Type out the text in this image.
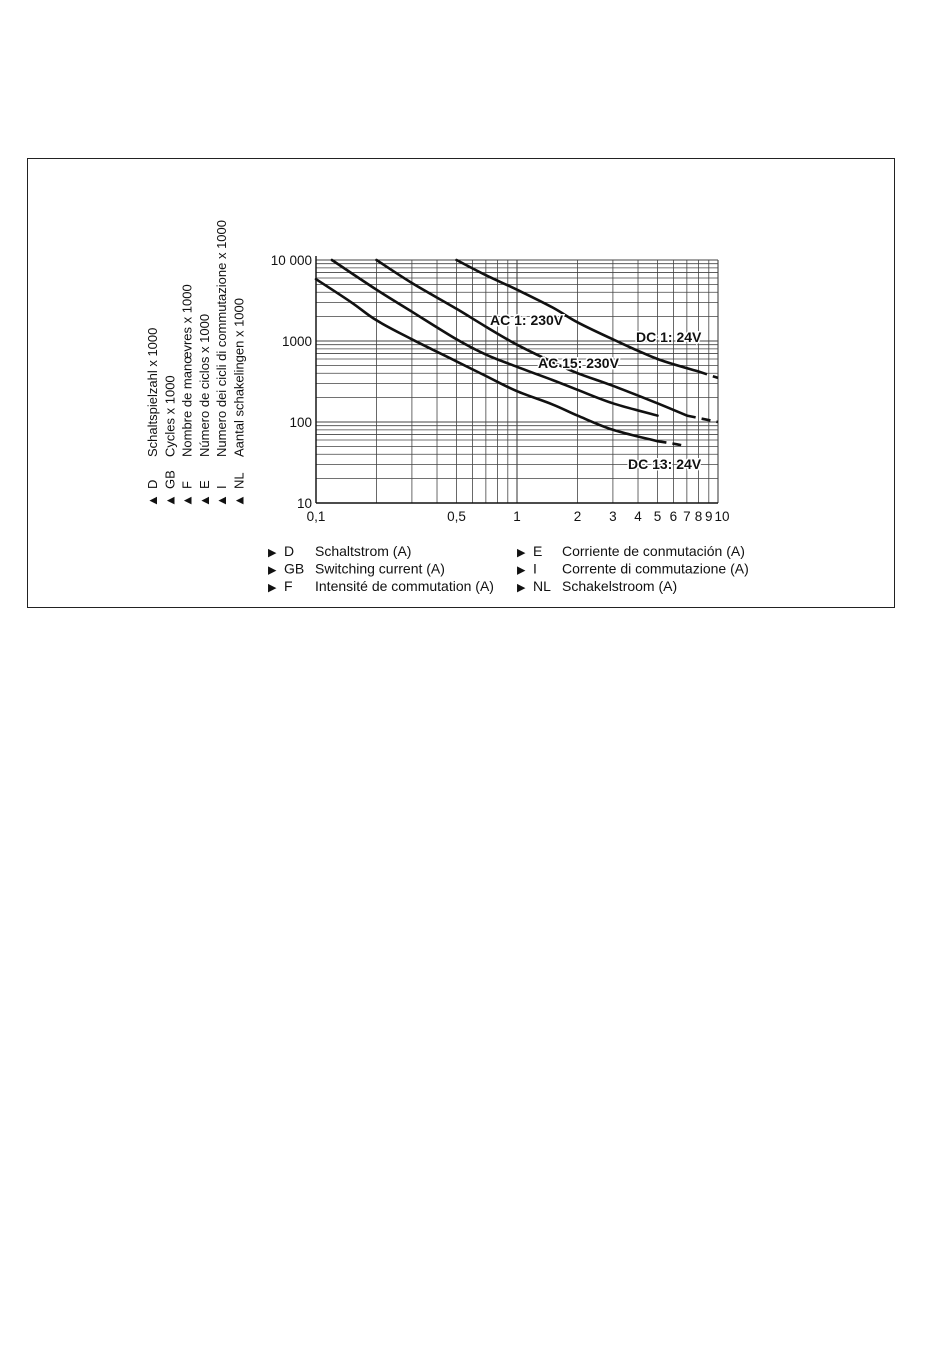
0,1	0,5	1	2 3 4 5 6 7 8 9 10
10
100
1000
10 000
AC 1: 230V
DC 1: 24V
AC 15: 230V
DC 13: 24V
▲
D
Schaltspielzahl x 1000
▲
GB
Cycles x 1000
▲
F
Nombre de manœvres x 1000
▲
E
Número de ciclos x 1000
▲
I
Numero dei cicli di commutazione x 1000
▲
NL
Aantal schakelingen x 1000
▶ D Schaltstrom (A)
▶ GB Switching current (A)
▶ F Intensité de commutation (A)
▶ E Corriente de conmutación (A)
▶ I Corrente di commutazione (A)
▶ NL Schakelstroom (A)
